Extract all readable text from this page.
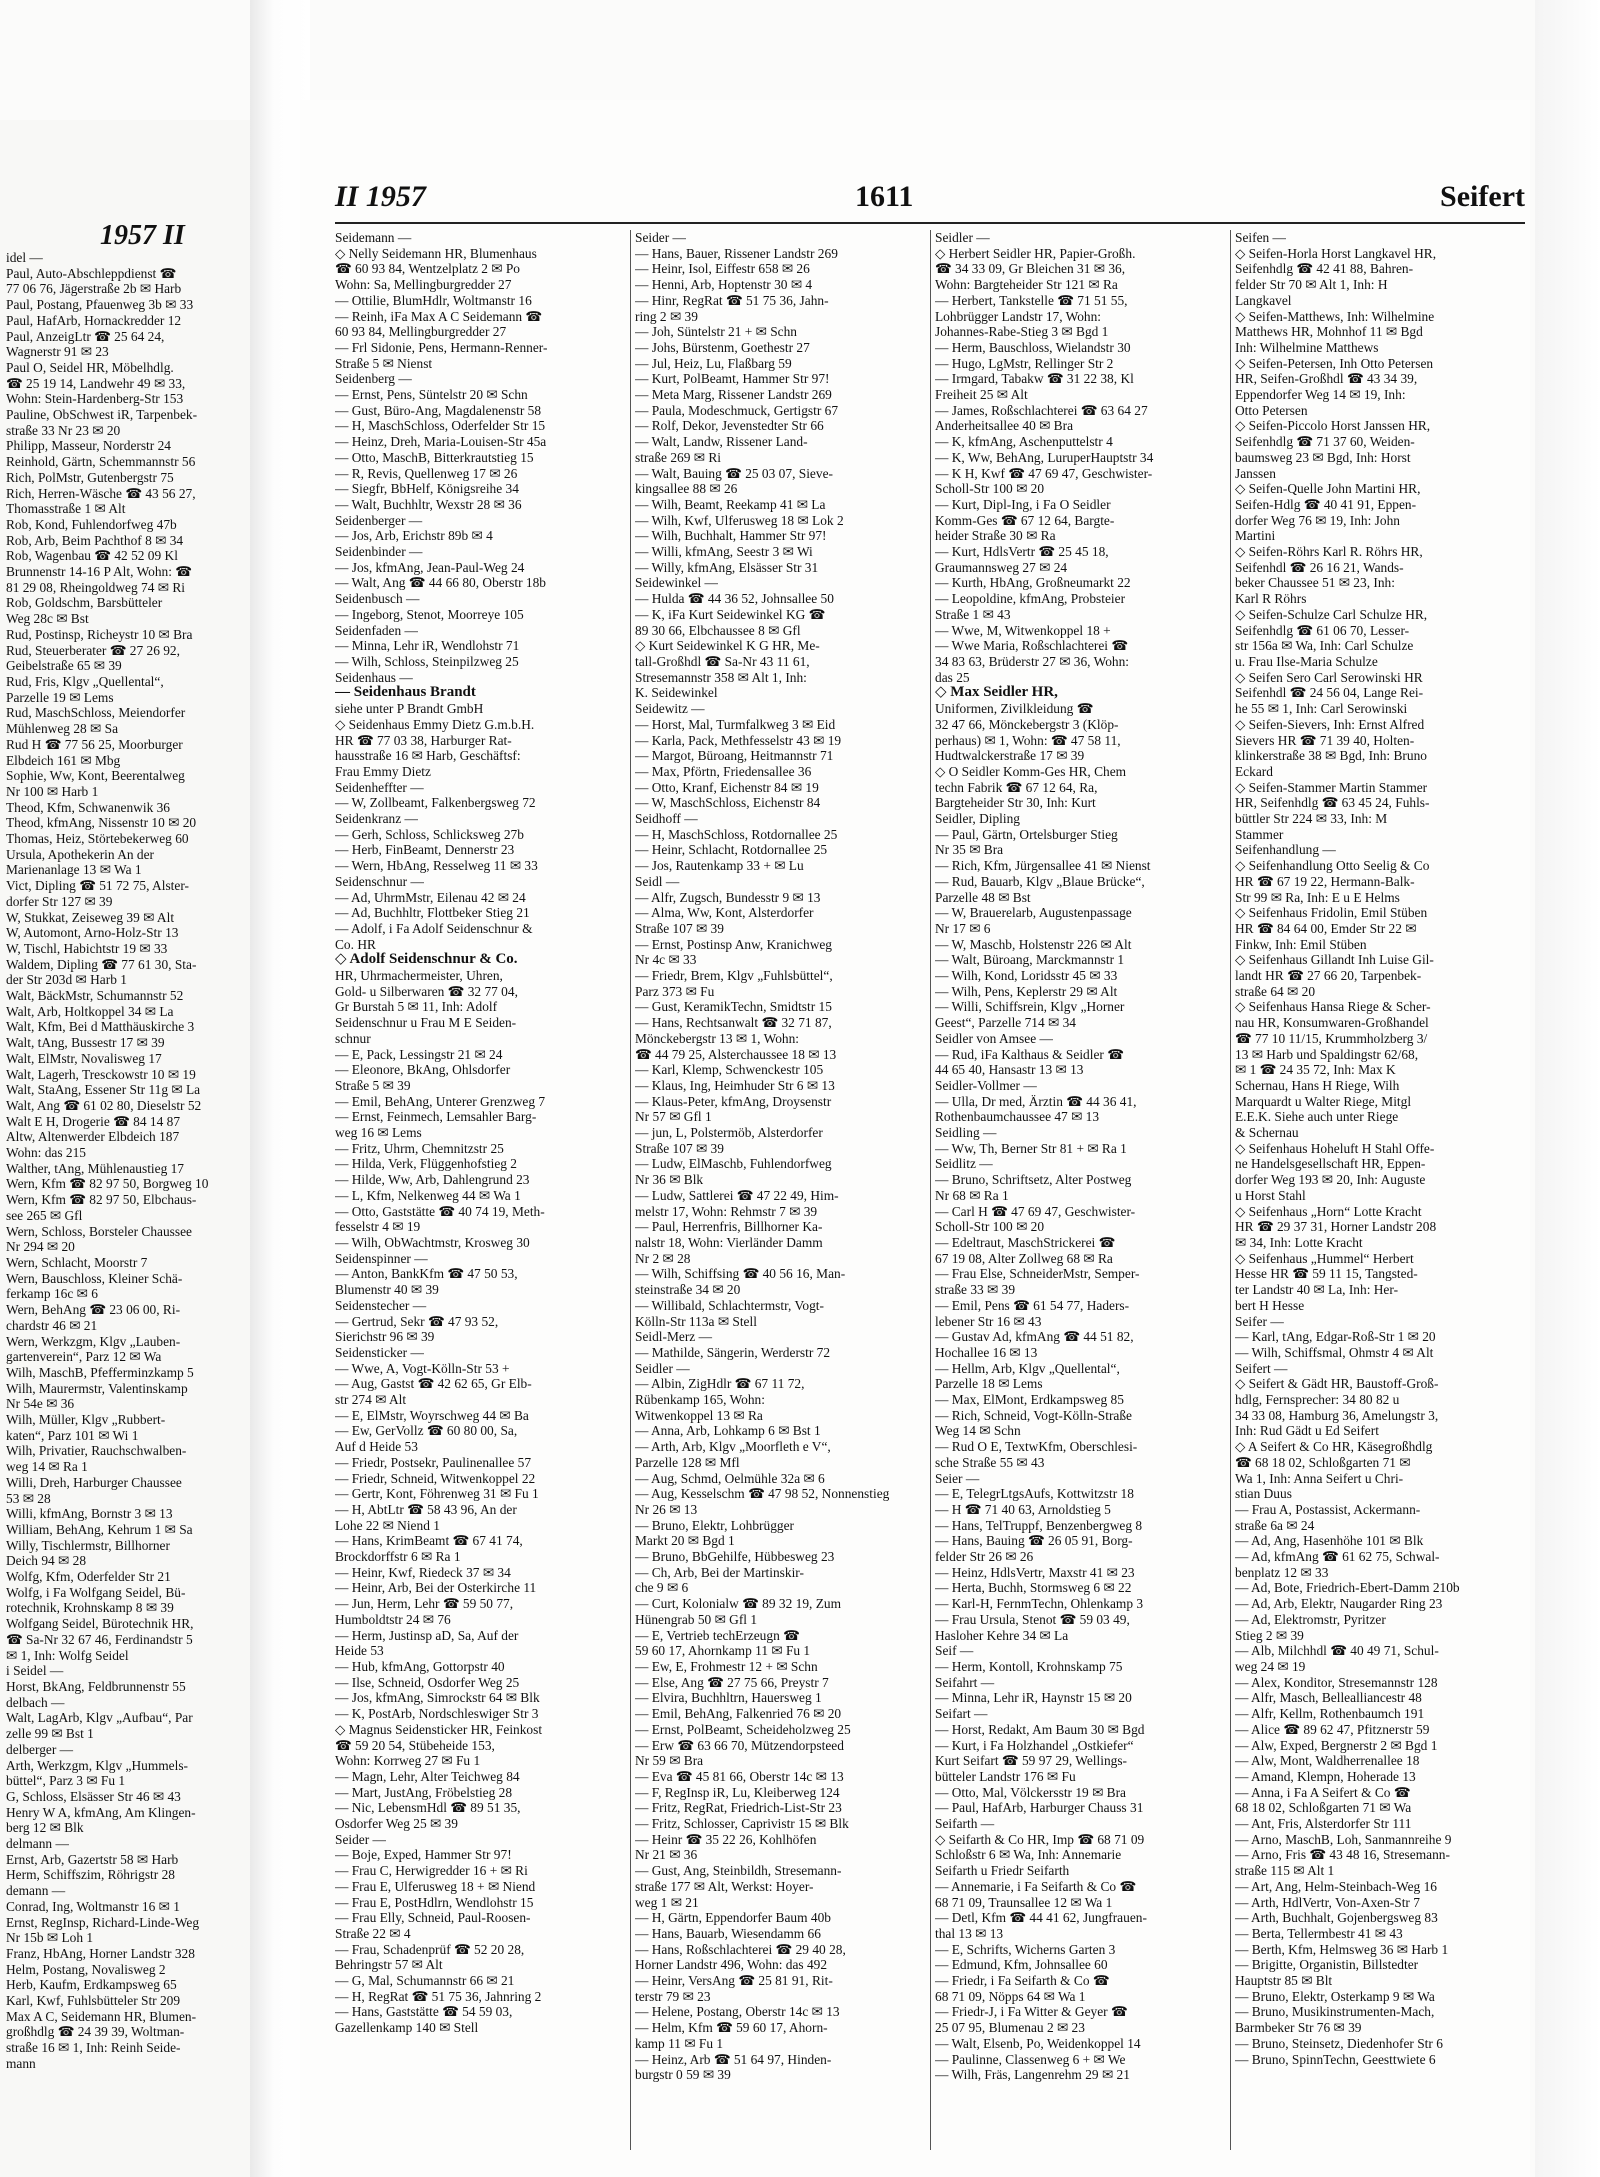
1957 II
idel —
Paul, Auto-Abschleppdienst ☎
77 06 76, Jägerstraße 2b ✉ Harb
Paul, Postang, Pfauenweg 3b ✉ 33
Paul, HafArb, Hornackredder 12
Paul, AnzeigLtr ☎ 25 64 24,
Wagnerstr 91 ✉ 23
Paul O, Seidel HR, Möbelhdlg.
☎ 25 19 14, Landwehr 49 ✉ 33,
Wohn: Stein-Hardenberg-Str 153
Pauline, ObSchwest iR, Tarpenbek-
straße 33 Nr 23 ✉ 20
Philipp, Masseur, Norderstr 24
Reinhold, Gärtn, Schemmannstr 56
Rich, PolMstr, Gutenbergstr 75
Rich, Herren-Wäsche ☎ 43 56 27,
Thomasstraße 1 ✉ Alt
Rob, Kond, Fuhlendorfweg 47b
Rob, Arb, Beim Pachthof 8 ✉ 34
Rob, Wagenbau ☎ 42 52 09 Kl
Brunnenstr 14-16 P Alt, Wohn: ☎
81 29 08, Rheingoldweg 74 ✉ Ri
Rob, Goldschm, Barsbütteler
Weg 28c ✉ Bst
Rud, Postinsp, Richeystr 10 ✉ Bra
Rud, Steuerberater ☎ 27 26 92,
Geibelstraße 65 ✉ 39
Rud, Fris, Klgv „Quellental“,
Parzelle 19 ✉ Lems
Rud, MaschSchloss, Meiendorfer
Mühlenweg 28 ✉ Sa
Rud H ☎ 77 56 25, Moorburger
Elbdeich 161 ✉ Mbg
Sophie, Ww, Kont, Beerentalweg
Nr 100 ✉ Harb 1
Theod, Kfm, Schwanenwik 36
Theod, kfmAng, Nissenstr 10 ✉ 20
Thomas, Heiz, Störtebekerweg 60
Ursula, Apothekerin An der
Marienanlage 13 ✉ Wa 1
Vict, Dipling ☎ 51 72 75, Alster-
dorfer Str 127 ✉ 39
W, Stukkat, Zeiseweg 39 ✉ Alt
W, Automont, Arno-Holz-Str 13
W, Tischl, Habichtstr 19 ✉ 33
Waldem, Dipling ☎ 77 61 30, Sta-
der Str 203d ✉ Harb 1
Walt, BäckMstr, Schumannstr 52
Walt, Arb, Holtkoppel 34 ✉ La
Walt, Kfm, Bei d Matthäuskirche 3
Walt, tAng, Bussestr 17 ✉ 39
Walt, ElMstr, Novalisweg 17
Walt, Lagerh, Tresckowstr 10 ✉ 19
Walt, StaAng, Essener Str 11g ✉ La
Walt, Ang ☎ 61 02 80, Dieselstr 52
Walt E H, Drogerie ☎ 84 14 87
Altw, Altenwerder Elbdeich 187
Wohn: das 215
Walther, tAng, Mühlenaustieg 17
Wern, Kfm ☎ 82 97 50, Borgweg 10
Wern, Kfm ☎ 82 97 50, Elbchaus-
see 265 ✉ Gfl
Wern, Schloss, Borsteler Chaussee
Nr 294 ✉ 20
Wern, Schlacht, Moorstr 7
Wern, Bauschloss, Kleiner Schä-
ferkamp 16c ✉ 6
Wern, BehAng ☎ 23 06 00, Ri-
chardstr 46 ✉ 21
Wern, Werkzgm, Klgv „Lauben-
gartenverein“, Parz 12 ✉ Wa
Wilh, MaschB, Pfefferminzkamp 5
Wilh, Maurermstr, Valentinskamp
Nr 54e ✉ 36
Wilh, Müller, Klgv „Rubbert-
katen“, Parz 101 ✉ Wi 1
Wilh, Privatier, Rauchschwalben-
weg 14 ✉ Ra 1
Willi, Dreh, Harburger Chaussee
53 ✉ 28
Willi, kfmAng, Bornstr 3 ✉ 13
William, BehAng, Kehrum 1 ✉ Sa
Willy, Tischlermstr, Billhorner
Deich 94 ✉ 28
Wolfg, Kfm, Oderfelder Str 21
Wolfg, i Fa Wolfgang Seidel, Bü-
rotechnik, Krohnskamp 8 ✉ 39
Wolfgang Seidel, Bürotechnik HR,
☎ Sa-Nr 32 67 46, Ferdinandstr 5
✉ 1, Inh: Wolfg Seidel
i Seidel —
Horst, BkAng, Feldbrunnenstr 55
delbach —
Walt, LagArb, Klgv „Aufbau“, Par
zelle 99 ✉ Bst 1
delberger —
Arth, Werkzgm, Klgv „Hummels-
büttel“, Parz 3 ✉ Fu 1
G, Schloss, Elsässer Str 46 ✉ 43
Henry W A, kfmAng, Am Klingen-
berg 12 ✉ Blk
delmann —
Ernst, Arb, Gazertstr 58 ✉ Harb
Herm, Schiffszim, Röhrigstr 28
demann —
Conrad, Ing, Woltmanstr 16 ✉ 1
Ernst, RegInsp, Richard-Linde-Weg
Nr 15b ✉ Loh 1
Franz, HbAng, Horner Landstr 328
Helm, Postang, Novalisweg 2
Herb, Kaufm, Erdkampsweg 65
Karl, Kwf, Fuhlsbütteler Str 209
Max A C, Seidemann HR, Blumen-
großhdlg ☎ 24 39 39, Woltman-
straße 16 ✉ 1, Inh: Reinh Seide-
mann
II 1957	1611	Seifert
Seidemann —
◇ Nelly Seidemann HR, Blumenhaus
☎ 60 93 84, Wentzelplatz 2 ✉ Po
Wohn: Sa, Mellingburgredder 27
— Ottilie, BlumHdlr, Woltmanstr 16
— Reinh, iFa Max A C Seidemann ☎
60 93 84, Mellingburgredder 27
— Frl Sidonie, Pens, Hermann-Renner-
Straße 5 ✉ Nienst
Seidenberg —
— Ernst, Pens, Süntelstr 20 ✉ Schn
— Gust, Büro-Ang, Magdalenenstr 58
— H, MaschSchloss, Oderfelder Str 15
— Heinz, Dreh, Maria-Louisen-Str 45a
— Otto, MaschB, Bitterkrautstieg 15
— R, Revis, Quellenweg 17 ✉ 26
— Siegfr, BbHelf, Königsreihe 34
— Walt, Buchhltr, Wexstr 28 ✉ 36
Seidenberger —
— Jos, Arb, Erichstr 89b ✉ 4
Seidenbinder —
— Jos, kfmAng, Jean-Paul-Weg 24
— Walt, Ang ☎ 44 66 80, Oberstr 18b
Seidenbusch —
— Ingeborg, Stenot, Moorreye 105
Seidenfaden —
— Minna, Lehr iR, Wendlohstr 71
— Wilh, Schloss, Steinpilzweg 25
Seidenhaus —
— Seidenhaus Brandt
siehe unter P Brandt GmbH
◇ Seidenhaus Emmy Dietz G.m.b.H.
HR ☎ 77 03 38, Harburger Rat-
hausstraße 16 ✉ Harb, Geschäftsf:
Frau Emmy Dietz
Seidenheffter —
— W, Zollbeamt, Falkenbergsweg 72
Seidenkranz —
— Gerh, Schloss, Schlicksweg 27b
— Herb, FinBeamt, Dennerstr 23
— Wern, HbAng, Resselweg 11 ✉ 33
Seidenschnur —
— Ad, UhrmMstr, Eilenau 42 ✉ 24
— Ad, Buchhltr, Flottbeker Stieg 21
— Adolf, i Fa Adolf Seidenschnur &
Co. HR
◇ Adolf Seidenschnur & Co.
HR, Uhrmachermeister, Uhren,
Gold- u Silberwaren ☎ 32 77 04,
Gr Burstah 5 ✉ 11, Inh: Adolf
Seidenschnur u Frau M E Seiden-
schnur
— E, Pack, Lessingstr 21 ✉ 24
— Eleonore, BkAng, Ohlsdorfer
Straße 5 ✉ 39
— Emil, BehAng, Unterer Grenzweg 7
— Ernst, Feinmech, Lemsahler Barg-
weg 16 ✉ Lems
— Fritz, Uhrm, Chemnitzstr 25
— Hilda, Verk, Flüggenhofstieg 2
— Hilde, Ww, Arb, Dahlengrund 23
— L, Kfm, Nelkenweg 44 ✉ Wa 1
— Otto, Gaststätte ☎ 40 74 19, Meth-
fesselstr 4 ✉ 19
— Wilh, ObWachtmstr, Krosweg 30
Seidenspinner —
— Anton, BankKfm ☎ 47 50 53,
Blumenstr 40 ✉ 39
Seidenstecher —
— Gertrud, Sekr ☎ 47 93 52,
Sierichstr 96 ✉ 39
Seidensticker —
— Wwe, A, Vogt-Kölln-Str 53 +
— Aug, Gastst ☎ 42 62 65, Gr Elb-
str 274 ✉ Alt
— E, ElMstr, Woyrschweg 44 ✉ Ba
— Ew, GerVollz ☎ 60 80 00, Sa,
Auf d Heide 53
— Friedr, Postsekr, Paulinenallee 57
— Friedr, Schneid, Witwenkoppel 22
— Gertr, Kont, Föhrenweg 31 ✉ Fu 1
— H, AbtLtr ☎ 58 43 96, An der
Lohe 22 ✉ Niend 1
— Hans, KrimBeamt ☎ 67 41 74,
Brockdorffstr 6 ✉ Ra 1
— Heinr, Kwf, Riedeck 37 ✉ 34
— Heinr, Arb, Bei der Osterkirche 11
— Jun, Herm, Lehr ☎ 59 50 77,
Humboldtstr 24 ✉ 76
— Herm, Justinsp aD, Sa, Auf der
Heide 53
— Hub, kfmAng, Gottorpstr 40
— Ilse, Schneid, Osdorfer Weg 25
— Jos, kfmAng, Simrockstr 64 ✉ Blk
— K, PostArb, Nordschleswiger Str 3
◇ Magnus Seidensticker HR, Feinkost
☎ 59 20 54, Stübeheide 153,
Wohn: Korrweg 27 ✉ Fu 1
— Magn, Lehr, Alter Teichweg 84
— Mart, JustAng, Fröbelstieg 28
— Nic, LebensmHdl ☎ 89 51 35,
Osdorfer Weg 25 ✉ 39
Seider —
— Boje, Exped, Hammer Str 97!
— Frau C, Herwigredder 16 + ✉ Ri
— Frau E, Ulferusweg 18 + ✉ Niend
— Frau E, PostHdlrn, Wendlohstr 15
— Frau Elly, Schneid, Paul-Roosen-
Straße 22 ✉ 4
— Frau, Schadenprüf ☎ 52 20 28,
Behringstr 57 ✉ Alt
— G, Mal, Schumannstr 66 ✉ 21
— H, RegRat ☎ 51 75 36, Jahnring 2
— Hans, Gaststätte ☎ 54 59 03,
Gazellenkamp 140 ✉ Stell
Seider —
— Hans, Bauer, Rissener Landstr 269
— Heinr, Isol, Eiffestr 658 ✉ 26
— Henni, Arb, Hoptenstr 30 ✉ 4
— Hinr, RegRat ☎ 51 75 36, Jahn-
ring 2 ✉ 39
— Joh, Süntelstr 21 + ✉ Schn
— Johs, Bürstenm, Goethestr 27
— Jul, Heiz, Lu, Flaßbarg 59
— Kurt, PolBeamt, Hammer Str 97!
— Meta Marg, Rissener Landstr 269
— Paula, Modeschmuck, Gertigstr 67
— Rolf, Dekor, Jevenstedter Str 66
— Walt, Landw, Rissener Land-
straße 269 ✉ Ri
— Walt, Bauing ☎ 25 03 07, Sieve-
kingsallee 88 ✉ 26
— Wilh, Beamt, Reekamp 41 ✉ La
— Wilh, Kwf, Ulferusweg 18 ✉ Lok 2
— Wilh, Buchhalt, Hammer Str 97!
— Willi, kfmAng, Seestr 3 ✉ Wi
— Willy, kfmAng, Elsässer Str 31
Seidewinkel —
— Hulda ☎ 44 36 52, Johnsallee 50
— K, iFa Kurt Seidewinkel KG ☎
89 30 66, Elbchaussee 8 ✉ Gfl
◇ Kurt Seidewinkel K G HR, Me-
tall-Großhdl ☎ Sa-Nr 43 11 61,
Stresemannstr 358 ✉ Alt 1, Inh:
K. Seidewinkel
Seidewitz —
— Horst, Mal, Turmfalkweg 3 ✉ Eid
— Karla, Pack, Methfesselstr 43 ✉ 19
— Margot, Büroang, Heitmannstr 71
— Max, Pförtn, Friedensallee 36
— Otto, Kranf, Eichenstr 84 ✉ 19
— W, MaschSchloss, Eichenstr 84
Seidhoff —
— H, MaschSchloss, Rotdornallee 25
— Heinr, Schlacht, Rotdornallee 25
— Jos, Rautenkamp 33 + ✉ Lu
Seidl —
— Alfr, Zugsch, Bundesstr 9 ✉ 13
— Alma, Ww, Kont, Alsterdorfer
Straße 107 ✉ 39
— Ernst, Postinsp Anw, Kranichweg
Nr 4c ✉ 33
— Friedr, Brem, Klgv „Fuhlsbüttel“,
Parz 373 ✉ Fu
— Gust, KeramikTechn, Smidtstr 15
— Hans, Rechtsanwalt ☎ 32 71 87,
Mönckebergstr 13 ✉ 1, Wohn:
☎ 44 79 25, Alsterchaussee 18 ✉ 13
— Karl, Klemp, Schwenckestr 105
— Klaus, Ing, Heimhuder Str 6 ✉ 13
— Klaus-Peter, kfmAng, Droysenstr
Nr 57 ✉ Gfl 1
— jun, L, Polstermöb, Alsterdorfer
Straße 107 ✉ 39
— Ludw, ElMaschb, Fuhlendorfweg
Nr 36 ✉ Blk
— Ludw, Sattlerei ☎ 47 22 49, Him-
melstr 17, Wohn: Rehmstr 7 ✉ 39
— Paul, Herrenfris, Billhorner Ka-
nalstr 18, Wohn: Vierländer Damm
Nr 2 ✉ 28
— Wilh, Schiffsing ☎ 40 56 16, Man-
steinstraße 34 ✉ 20
— Willibald, Schlachtermstr, Vogt-
Kölln-Str 113a ✉ Stell
Seidl-Merz —
— Mathilde, Sängerin, Werderstr 72
Seidler —
— Albin, ZigHdlr ☎ 67 11 72,
Rübenkamp 165, Wohn:
Witwenkoppel 13 ✉ Ra
— Anna, Arb, Lohkamp 6 ✉ Bst 1
— Arth, Arb, Klgv „Moorfleth e V“,
Parzelle 128 ✉ Mfl
— Aug, Schmd, Oelmühle 32a ✉ 6
— Aug, Kesselschm ☎ 47 98 52, Nonnenstieg
Nr 26 ✉ 13
— Bruno, Elektr, Lohbrügger
Markt 20 ✉ Bgd 1
— Bruno, BbGehilfe, Hübbesweg 23
— Ch, Arb, Bei der Martinskir-
che 9 ✉ 6
— Curt, Kolonialw ☎ 89 32 19, Zum
Hünengrab 50 ✉ Gfl 1
— E, Vertrieb techErzeugn ☎
59 60 17, Ahornkamp 11 ✉ Fu 1
— Ew, E, Frohmestr 12 + ✉ Schn
— Else, Ang ☎ 27 75 66, Preystr 7
— Elvira, Buchhltrn, Hauersweg 1
— Emil, BehAng, Falkenried 76 ✉ 20
— Ernst, PolBeamt, Scheideholzweg 25
— Erw ☎ 63 66 70, Mützendorpsteed
Nr 59 ✉ Bra
— Eva ☎ 45 81 66, Oberstr 14c ✉ 13
— F, RegInsp iR, Lu, Kleiberweg 124
— Fritz, RegRat, Friedrich-List-Str 23
— Fritz, Schlosser, Caprivistr 15 ✉ Blk
— Heinr ☎ 35 22 26, Kohlhöfen
Nr 21 ✉ 36
— Gust, Ang, Steinbildh, Stresemann-
straße 177 ✉ Alt, Werkst: Hoyer-
weg 1 ✉ 21
— H, Gärtn, Eppendorfer Baum 40b
— Hans, Bauarb, Wiesendamm 66
— Hans, Roßschlachterei ☎ 29 40 28,
Horner Landstr 496, Wohn: das 492
— Heinr, VersAng ☎ 25 81 91, Rit-
terstr 79 ✉ 23
— Helene, Postang, Oberstr 14c ✉ 13
— Helm, Kfm ☎ 59 60 17, Ahorn-
kamp 11 ✉ Fu 1
— Heinz, Arb ☎ 51 64 97, Hinden-
burgstr 0 59 ✉ 39
Seidler —
◇ Herbert Seidler HR, Papier-Großh.
☎ 34 33 09, Gr Bleichen 31 ✉ 36,
Wohn: Bargteheider Str 121 ✉ Ra
— Herbert, Tankstelle ☎ 71 51 55,
Lohbrügger Landstr 17, Wohn:
Johannes-Rabe-Stieg 3 ✉ Bgd 1
— Herm, Bauschloss, Wielandstr 30
— Hugo, LgMstr, Rellinger Str 2
— Irmgard, Tabakw ☎ 31 22 38, Kl
Freiheit 25 ✉ Alt
— James, Roßschlachterei ☎ 63 64 27
Anderheitsallee 40 ✉ Bra
— K, kfmAng, Aschenputtelstr 4
— K, Ww, BehAng, LuruperHauptstr 34
— K H, Kwf ☎ 47 69 47, Geschwister-
Scholl-Str 100 ✉ 20
— Kurt, Dipl-Ing, i Fa O Seidler
Komm-Ges ☎ 67 12 64, Bargte-
heider Straße 30 ✉ Ra
— Kurt, HdlsVertr ☎ 25 45 18,
Graumannsweg 27 ✉ 24
— Kurth, HbAng, Großneumarkt 22
— Leopoldine, kfmAng, Probsteier
Straße 1 ✉ 43
— Wwe, M, Witwenkoppel 18 +
— Wwe Maria, Roßschlachterei ☎
34 83 63, Brüderstr 27 ✉ 36, Wohn:
das 25
◇ Max Seidler HR,
Uniformen, Zivilkleidung ☎
32 47 66, Mönckebergstr 3 (Klöp-
perhaus) ✉ 1, Wohn: ☎ 47 58 11,
Hudtwalckerstraße 17 ✉ 39
◇ O Seidler Komm-Ges HR, Chem
techn Fabrik ☎ 67 12 64, Ra,
Bargteheider Str 30, Inh: Kurt
Seidler, Dipling
— Paul, Gärtn, Ortelsburger Stieg
Nr 35 ✉ Bra
— Rich, Kfm, Jürgensallee 41 ✉ Nienst
— Rud, Bauarb, Klgv „Blaue Brücke“,
Parzelle 48 ✉ Bst
— W, Brauerelarb, Augustenpassage
Nr 17 ✉ 6
— W, Maschb, Holstenstr 226 ✉ Alt
— Walt, Büroang, Marckmannstr 1
— Wilh, Kond, Loridsstr 45 ✉ 33
— Wilh, Pens, Keplerstr 29 ✉ Alt
— Willi, Schiffsrein, Klgv „Horner
Geest“, Parzelle 714 ✉ 34
Seidler von Amsee —
— Rud, iFa Kalthaus & Seidler ☎
44 65 40, Hansastr 13 ✉ 13
Seidler-Vollmer —
— Ulla, Dr med, Ärztin ☎ 44 36 41,
Rothenbaumchaussee 47 ✉ 13
Seidling —
— Ww, Th, Berner Str 81 + ✉ Ra 1
Seidlitz —
— Bruno, Schriftsetz, Alter Postweg
Nr 68 ✉ Ra 1
— Carl H ☎ 47 69 47, Geschwister-
Scholl-Str 100 ✉ 20
— Edeltraut, MaschStrickerei ☎
67 19 08, Alter Zollweg 68 ✉ Ra
— Frau Else, SchneiderMstr, Semper-
straße 33 ✉ 39
— Emil, Pens ☎ 61 54 77, Haders-
lebener Str 16 ✉ 43
— Gustav Ad, kfmAng ☎ 44 51 82,
Hochallee 16 ✉ 13
— Hellm, Arb, Klgv „Quellental“,
Parzelle 18 ✉ Lems
— Max, ElMont, Erdkampsweg 85
— Rich, Schneid, Vogt-Kölln-Straße
Weg 14 ✉ Schn
— Rud O E, TextwKfm, Oberschlesi-
sche Straße 55 ✉ 43
Seier —
— E, TelegrLtgsAufs, Kottwitzstr 18
— H ☎ 71 40 63, Arnoldstieg 5
— Hans, TelTruppf, Benzenbergweg 8
— Hans, Bauing ☎ 26 05 91, Borg-
felder Str 26 ✉ 26
— Heinz, HdlsVertr, Maxstr 41 ✉ 23
— Herta, Buchh, Stormsweg 6 ✉ 22
— Karl-H, FernmTechn, Ohlenkamp 3
— Frau Ursula, Stenot ☎ 59 03 49,
Hasloher Kehre 34 ✉ La
Seif —
— Herm, Kontoll, Krohnskamp 75
Seifahrt —
— Minna, Lehr iR, Haynstr 15 ✉ 20
Seifart —
— Horst, Redakt, Am Baum 30 ✉ Bgd
— Kurt, i Fa Holzhandel „Ostkiefer“
Kurt Seifart ☎ 59 97 29, Wellings-
bütteler Landstr 176 ✉ Fu
— Otto, Mal, Völckersstr 19 ✉ Bra
— Paul, HafArb, Harburger Chauss 31
Seifarth —
◇ Seifarth & Co HR, Imp ☎ 68 71 09
Schloßstr 6 ✉ Wa, Inh: Annemarie
Seifarth u Friedr Seifarth
— Annemarie, i Fa Seifarth & Co ☎
68 71 09, Traunsallee 12 ✉ Wa 1
— Detl, Kfm ☎ 44 41 62, Jungfrauen-
thal 13 ✉ 13
— E, Schrifts, Wicherns Garten 3
— Edmund, Kfm, Johnsallee 60
— Friedr, i Fa Seifarth & Co ☎
68 71 09, Nöpps 64 ✉ Wa 1
— Friedr-J, i Fa Witter & Geyer ☎
25 07 95, Blumenau 2 ✉ 23
— Walt, Elsenb, Po, Weidenkoppel 14
— Paulinne, Classenweg 6 + ✉ We
— Wilh, Fräs, Langenrehm 29 ✉ 21
Seifen —
◇ Seifen-Horla Horst Langkavel HR,
Seifenhdlg ☎ 42 41 88, Bahren-
felder Str 70 ✉ Alt 1, Inh: H
Langkavel
◇ Seifen-Matthews, Inh: Wilhelmine
Matthews HR, Mohnhof 11 ✉ Bgd
Inh: Wilhelmine Matthews
◇ Seifen-Petersen, Inh Otto Petersen
HR, Seifen-Großhdl ☎ 43 34 39,
Eppendorfer Weg 14 ✉ 19, Inh:
Otto Petersen
◇ Seifen-Piccolo Horst Janssen HR,
Seifenhdlg ☎ 71 37 60, Weiden-
baumsweg 23 ✉ Bgd, Inh: Horst
Janssen
◇ Seifen-Quelle John Martini HR,
Seifen-Hdlg ☎ 40 41 91, Eppen-
dorfer Weg 76 ✉ 19, Inh: John
Martini
◇ Seifen-Röhrs Karl R. Röhrs HR,
Seifenhdl ☎ 26 16 21, Wands-
beker Chaussee 51 ✉ 23, Inh:
Karl R Röhrs
◇ Seifen-Schulze Carl Schulze HR,
Seifenhdlg ☎ 61 06 70, Lesser-
str 156a ✉ Wa, Inh: Carl Schulze
u. Frau Ilse-Maria Schulze
◇ Seifen Sero Carl Serowinski HR
Seifenhdl ☎ 24 56 04, Lange Rei-
he 55 ✉ 1, Inh: Carl Serowinski
◇ Seifen-Sievers, Inh: Ernst Alfred
Sievers HR ☎ 71 39 40, Holten-
klinkerstraße 38 ✉ Bgd, Inh: Bruno
Eckard
◇ Seifen-Stammer Martin Stammer
HR, Seifenhdlg ☎ 63 45 24, Fuhls-
büttler Str 224 ✉ 33, Inh: M
Stammer
Seifenhandlung —
◇ Seifenhandlung Otto Seelig & Co
HR ☎ 67 19 22, Hermann-Balk-
Str 99 ✉ Ra, Inh: E u E Helms
◇ Seifenhaus Fridolin, Emil Stüben
HR ☎ 84 64 00, Emder Str 22 ✉
Finkw, Inh: Emil Stüben
◇ Seifenhaus Gillandt Inh Luise Gil-
landt HR ☎ 27 66 20, Tarpenbek-
straße 64 ✉ 20
◇ Seifenhaus Hansa Riege & Scher-
nau HR, Konsumwaren-Großhandel
☎ 77 10 11/15, Krummholzberg 3/
13 ✉ Harb und Spaldingstr 62/68,
✉ 1 ☎ 24 35 72, Inh: Max K
Schernau, Hans H Riege, Wilh
Marquardt u Walter Riege, Mitgl
E.E.K. Siehe auch unter Riege
& Schernau
◇ Seifenhaus Hoheluft H Stahl Offe-
ne Handelsgesellschaft HR, Eppen-
dorfer Weg 193 ✉ 20, Inh: Auguste
u Horst Stahl
◇ Seifenhaus „Horn“ Lotte Kracht
HR ☎ 29 37 31, Horner Landstr 208
✉ 34, Inh: Lotte Kracht
◇ Seifenhaus „Hummel“ Herbert
Hesse HR ☎ 59 11 15, Tangsted-
ter Landstr 40 ✉ La, Inh: Her-
bert H Hesse
Seifer —
— Karl, tAng, Edgar-Roß-Str 1 ✉ 20
— Wilh, Schiffsmal, Ohmstr 4 ✉ Alt
Seifert —
◇ Seifert & Gädt HR, Baustoff-Groß-
hdlg, Fernsprecher: 34 80 82 u
34 33 08, Hamburg 36, Amelungstr 3,
Inh: Rud Gädt u Ed Seifert
◇ A Seifert & Co HR, Käsegroßhdlg
☎ 68 18 02, Schloßgarten 71 ✉
Wa 1, Inh: Anna Seifert u Chri-
stian Duus
— Frau A, Postassist, Ackermann-
straße 6a ✉ 24
— Ad, Ang, Hasenhöhe 101 ✉ Blk
— Ad, kfmAng ☎ 61 62 75, Schwal-
benplatz 12 ✉ 33
— Ad, Bote, Friedrich-Ebert-Damm 210b
— Ad, Arb, Elektr, Naugarder Ring 23
— Ad, Elektromstr, Pyritzer
Stieg 2 ✉ 39
— Alb, Milchhdl ☎ 40 49 71, Schul-
weg 24 ✉ 19
— Alex, Konditor, Stresemannstr 128
— Alfr, Masch, Bellealliancestr 48
— Alfr, Kellm, Rothenbaumch 191
— Alice ☎ 89 62 47, Pfitznerstr 59
— Alw, Exped, Bergnerstr 2 ✉ Bgd 1
— Alw, Mont, Waldherrenallee 18
— Amand, Klempn, Hoheradе 13
— Anna, i Fa A Seifert & Co ☎
68 18 02, Schloßgarten 71 ✉ Wa
— Ant, Fris, Alsterdorfer Str 111
— Arno, MaschB, Loh, Sanmannreihe 9
— Arno, Fris ☎ 43 48 16, Stresemann-
straße 115 ✉ Alt 1
— Art, Ang, Helm-Steinbach-Weg 16
— Arth, HdlVertr, Von-Axen-Str 7
— Arth, Buchhalt, Gojenbergsweg 83
— Berta, Tellermbestr 41 ✉ 43
— Berth, Kfm, Helmsweg 36 ✉ Harb 1
— Brigitte, Organistin, Billstedter
Hauptstr 85 ✉ Blt
— Bruno, Elektr, Osterkamp 9 ✉ Wa
— Bruno, Musikinstrumenten-Mach,
Barmbeker Str 76 ✉ 39
— Bruno, Steinsetz, Diedenhofer Str 6
— Bruno, SpinnTechn, Geesttwiete 6
